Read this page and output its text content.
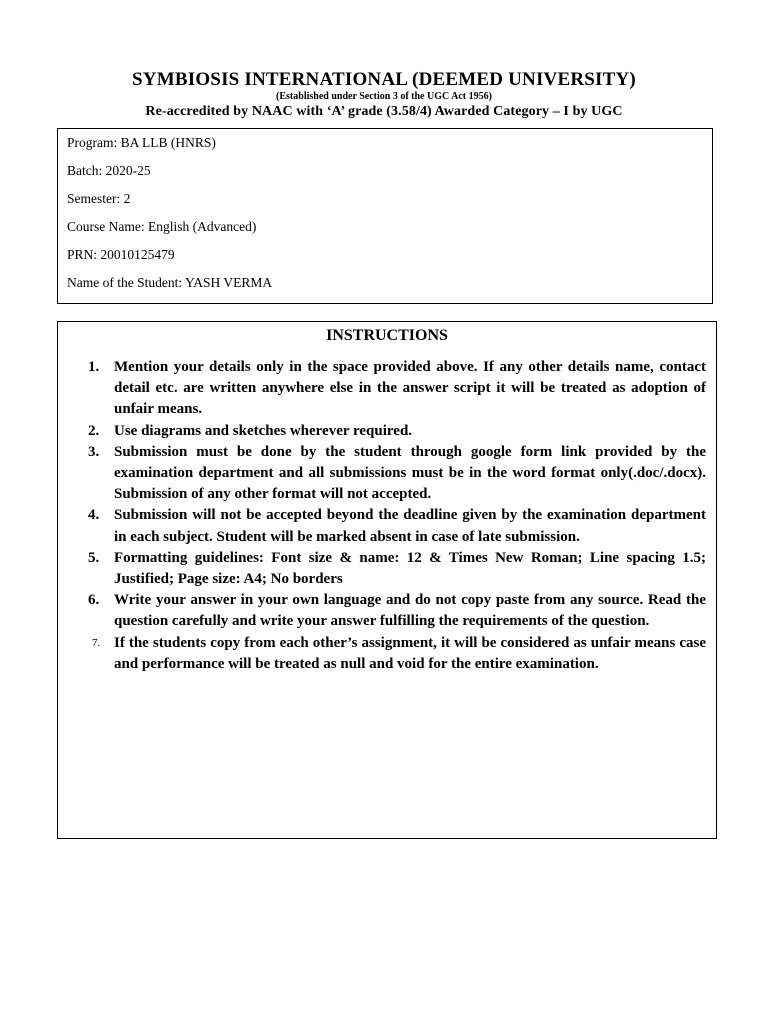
SYMBIOSIS INTERNATIONAL (DEEMED UNIVERSITY)
(Established under Section 3 of the UGC Act 1956)
Re-accredited by NAAC with ‘A’ grade (3.58/4) Awarded Category – I by UGC
Program: BA LLB (HNRS)
Batch: 2020-25
Semester: 2
Course Name: English (Advanced)
PRN: 20010125479
Name of the Student: YASH VERMA
INSTRUCTIONS
1. Mention your details only in the space provided above. If any other details name, contact detail etc. are written anywhere else in the answer script it will be treated as adoption of unfair means.
2. Use diagrams and sketches wherever required.
3. Submission must be done by the student through google form link provided by the examination department and all submissions must be in the word format only(.doc/.docx). Submission of any other format will not accepted.
4. Submission will not be accepted beyond the deadline given by the examination department in each subject. Student will be marked absent in case of late submission.
5. Formatting guidelines: Font size & name: 12 & Times New Roman; Line spacing 1.5; Justified; Page size: A4; No borders
6. Write your answer in your own language and do not copy paste from any source. Read the question carefully and write your answer fulfilling the requirements of the question.
7. If the students copy from each other’s assignment, it will be considered as unfair means case and performance will be treated as null and void for the entire examination.
